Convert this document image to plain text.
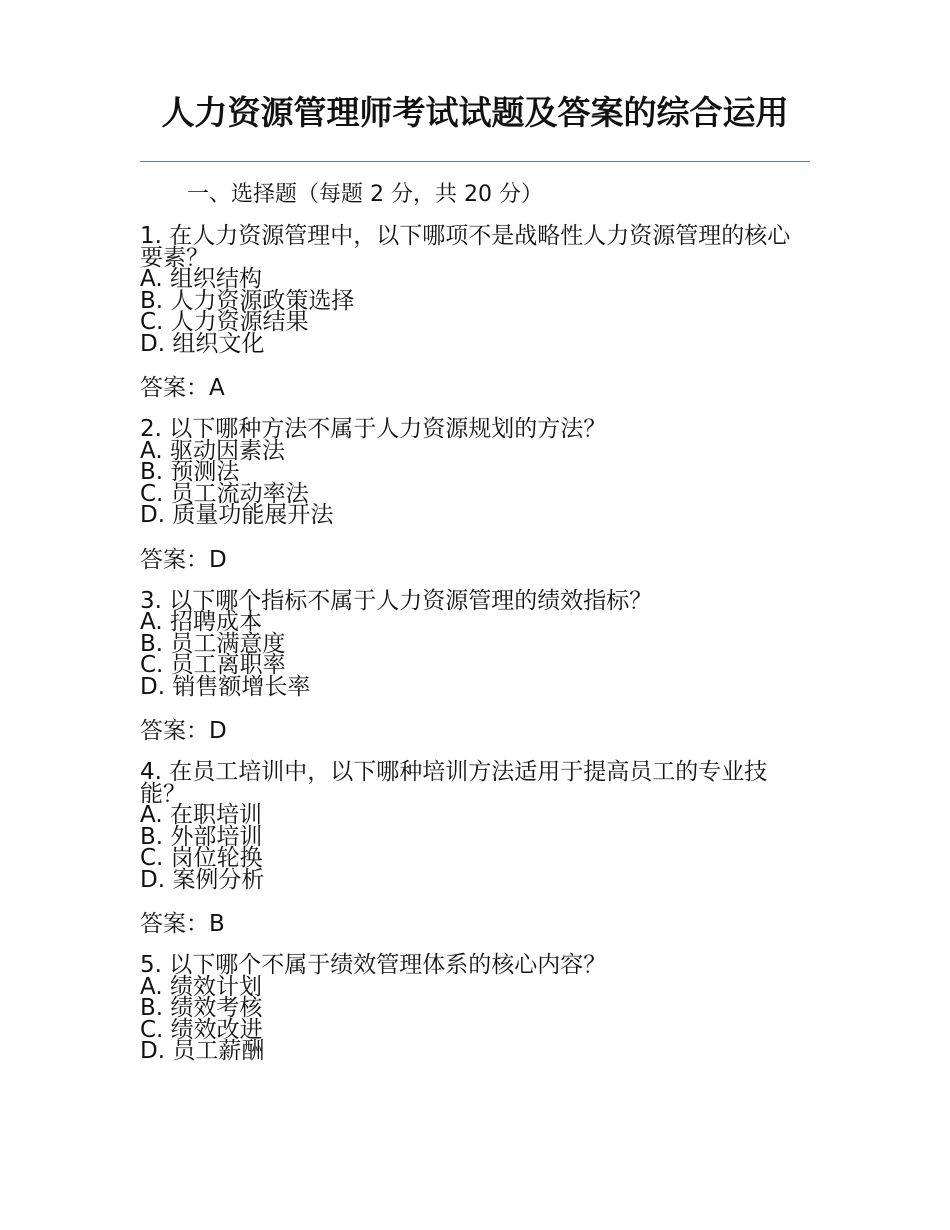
人力资源管理师考试试题及答案的综合运用

一、选择题（每题 2 分，共 20 分）

1. 在人力资源管理中，以下哪项不是战略性人力资源管理的核心要素？

A. 组织结构

B. 人力资源政策选择

C. 人力资源结果

D. 组织文化

答案：A

2. 以下哪种方法不属于人力资源规划的方法？

A. 驱动因素法

B. 预测法

C. 员工流动率法

D. 质量功能展开法

答案：D

3. 以下哪个指标不属于人力资源管理的绩效指标？

A. 招聘成本

B. 员工满意度

C. 员工离职率

D. 销售额增长率

答案：D

4. 在员工培训中，以下哪种培训方法适用于提高员工的专业技能？

A. 在职培训

B. 外部培训

C. 岗位轮换

D. 案例分析

答案：B

5. 以下哪个不属于绩效管理体系的核心内容？

A. 绩效计划

B. 绩效考核

C. 绩效改进

D. 员工薪酬
